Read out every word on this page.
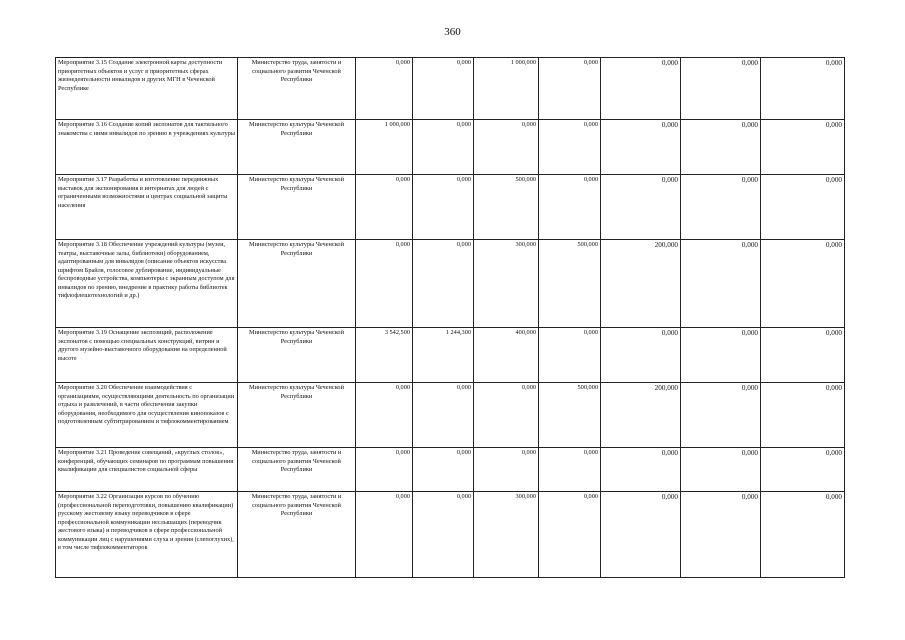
360
Мероприятие 3.15 Создание электронной карты доступности приоритетных объектов и услуг в приоритетных сферах жизнедеятельности инвалидов и других МГН в Чеченской Республике	Министерство труда, занятости и социального развития Чеченской Республики	0,000	0,000	1 000,000	0,000	0,000	0,000	0,000
Мероприятие 3.16 Создание копий экспонатов для тактильного знакомства с ними инвалидов по зрению в учреждениях культуры	Министерство культуры Чеченской Республики	1 000,000	0,000	0,000	0,000	0,000	0,000	0,000
Мероприятие 3.17 Разработка и изготовление передвижных выставок для экспонирования в интернатах для людей с ограниченными возможностями и центрах социальной защиты населения	Министерство культуры Чеченской Республики	0,000	0,000	500,000	0,000	0,000	0,000	0,000
Мероприятие 3.18 Обеспечение учреждений культуры (музеи, театры, выставочные залы, библиотеки) оборудованием, адаптированным для инвалидов (описание объектов искусства шрифтом Брайля, голосовое дублирование, индивидуальные беспроводные устройства, компьютеры с экранным доступом для инвалидов по зрению, внедрение в практику работы библиотек тифлофлешотехнологий и др.)	Министерство культуры Чеченской Республики	0,000	0,000	300,000	500,000	200,000	0,000	0,000
Мероприятие 3.19 Оснащение экспозиций, расположение экспонатов с помощью специальных конструкций, витрин и другого музейно-выставочного оборудования на определенной высоте	Министерство культуры Чеченской Республики	3 542,500	1 244,300	400,000	0,000	0,000	0,000	0,000
Мероприятие 3.20 Обеспечение взаимодействия с организациями, осуществляющими деятельность по организации отдыха и развлечений, в части обеспечения закупки оборудования, необходимого для осуществления кинопоказов с подготовленным субтитрированием и тифлокомментированием	Министерство культуры Чеченской Республики	0,000	0,000	0,000	500,000	200,000	0,000	0,000
Мероприятие 3.21 Проведение совещаний, «круглых столов», конференций, обучающих семинаров по программам повышения квалификации для специалистов социальной сферы	Министерство труда, занятости и социального развития Чеченской Республики	0,000	0,000	0,000	0,000	0,000	0,000	0,000
Мероприятие 3.22 Организация курсов по обучению (профессиональной переподготовки, повышению квалификации) русскому жестовому языку переводчиков в сфере профессиональной коммуникации неслышащих (переводчик жестового языка) и переводчиков в сфере профессиональной коммуникации лиц с нарушениями слуха и зрения (слепоглухих), в том числе тифлокомментаторов	Министерство труда, занятости и социального развития Чеченской Республики	0,000	0,000	300,000	0,000	0,000	0,000	0,000
